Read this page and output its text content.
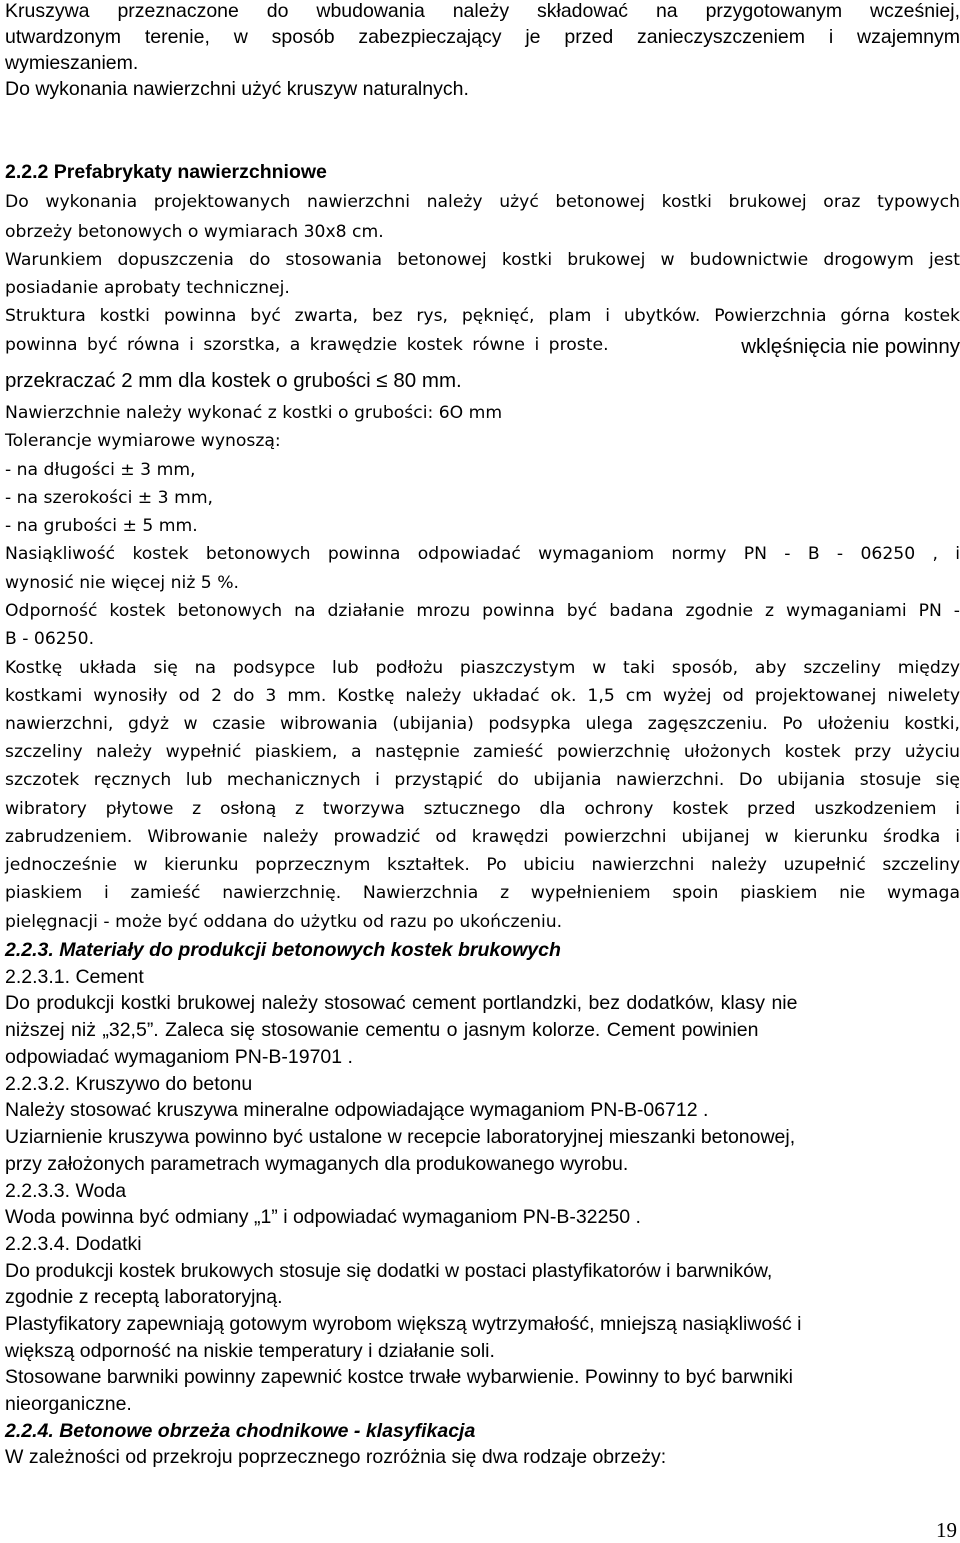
Kruszywa przeznaczone do wbudowania należy składować na przygotowanym wcześniej,

utwardzonym terenie, w sposób zabezpieczający je przed zanieczyszczeniem i wzajemnym

wymieszaniem.

Do wykonania nawierzchni użyć kruszyw naturalnych.

2.2.2 Prefabrykaty nawierzchniowe

Do wykonania projektowanych nawierzchni należy użyć betonowej kostki brukowej oraz typowych

obrzeży betonowych o wymiarach 30x8 cm.

Warunkiem dopuszczenia do stosowania betonowej kostki brukowej w budownictwie drogowym jest

posiadanie aprobaty technicznej.

Struktura kostki powinna być zwarta, bez rys, pęknięć, plam i ubytków. Powierzchnia górna kostek

powinna być równa i szorstka, a krawędzie kostek równe i proste.	wklęśnięcia nie powinny

przekraczać 2 mm dla kostek o grubości ≤ 80 mm.

Nawierzchnie należy wykonać z kostki o grubości: 6O mm

Tolerancje wymiarowe wynoszą:

- na długości ± 3 mm,

- na szerokości ± 3 mm,

- na grubości ± 5 mm.

Nasiąkliwość kostek betonowych powinna odpowiadać wymaganiom normy PN - B - 06250 , i

wynosić nie więcej niż 5 %.

Odporność kostek betonowych na działanie mrozu powinna być badana zgodnie z wymaganiami PN -

B - 06250.

Kostkę układa się na podsypce lub podłożu piaszczystym w taki sposób, aby szczeliny między

kostkami wynosiły od 2 do 3 mm. Kostkę należy układać ok. 1,5 cm wyżej od projektowanej niwelety

nawierzchni, gdyż w czasie wibrowania (ubijania) podsypka ulega zagęszczeniu. Po ułożeniu kostki,

szczeliny należy wypełnić piaskiem, a następnie zamieść powierzchnię ułożonych kostek przy użyciu

szczotek ręcznych lub mechanicznych i przystąpić do ubijania nawierzchni. Do ubijania stosuje się

wibratory płytowe z osłoną z tworzywa sztucznego dla ochrony kostek przed uszkodzeniem i

zabrudzeniem. Wibrowanie należy prowadzić od krawędzi powierzchni ubijanej w kierunku środka i

jednocześnie w kierunku poprzecznym kształtek. Po ubiciu nawierzchni należy uzupełnić szczeliny

piaskiem i zamieść nawierzchnię. Nawierzchnia z wypełnieniem spoin piaskiem nie wymaga

pielęgnacji - może być oddana do użytku od razu po ukończeniu.

2.2.3. Materiały do produkcji betonowych kostek brukowych

2.2.3.1. Cement

Do produkcji kostki brukowej należy stosować cement portlandzki, bez dodatków, klasy nie

niższej niż „32,5”. Zaleca się stosowanie cementu o jasnym kolorze. Cement powinien

odpowiadać wymaganiom PN-B-19701 .

2.2.3.2. Kruszywo do betonu

Należy stosować kruszywa mineralne odpowiadające wymaganiom PN-B-06712 .

Uziarnienie kruszywa powinno być ustalone w recepcie laboratoryjnej mieszanki betonowej,

przy założonych parametrach wymaganych dla produkowanego wyrobu.

2.2.3.3. Woda

Woda powinna być odmiany „1” i odpowiadać wymaganiom PN-B-32250 .

2.2.3.4. Dodatki

Do produkcji kostek brukowych stosuje się dodatki w postaci plastyfikatorów i barwników,

zgodnie z receptą laboratoryjną.

Plastyfikatory zapewniają gotowym wyrobom większą wytrzymałość, mniejszą nasiąkliwość i

większą odporność na niskie temperatury i działanie soli.

Stosowane barwniki powinny zapewnić kostce trwałe wybarwienie. Powinny to być barwniki

nieorganiczne.

2.2.4. Betonowe obrzeża chodnikowe - klasyfikacja

W zależności od przekroju poprzecznego rozróżnia się dwa rodzaje obrzeży:

19
